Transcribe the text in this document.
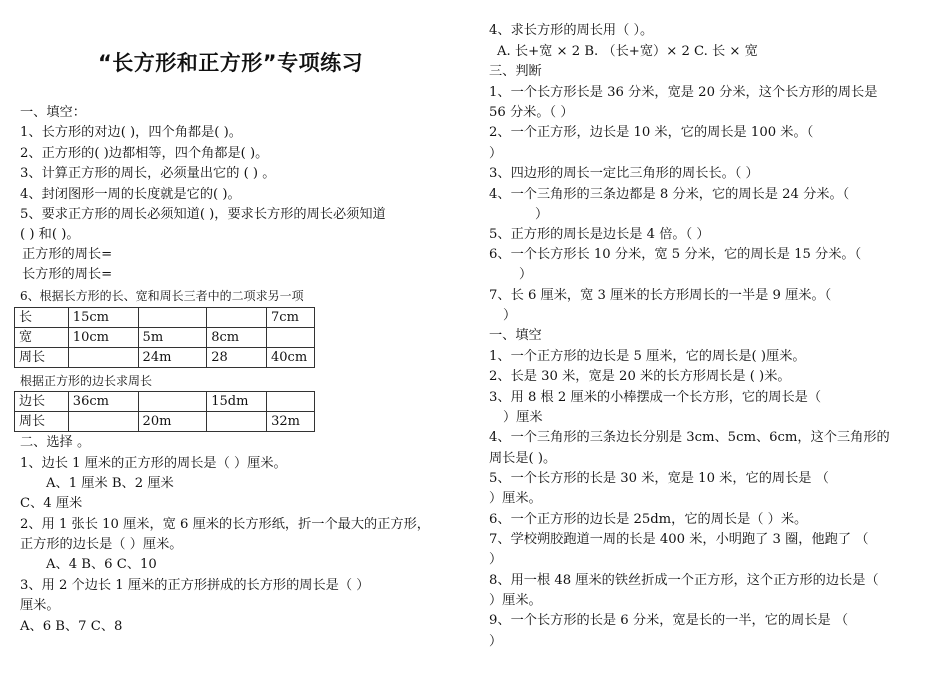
“长方形和正方形”专项练习
一、填空：
1、长方形的对边( )，四个角都是( )。
2、正方形的( )边都相等，四个角都是( )。
3、计算正方形的周长，必须量出它的 ( ) 。
4、封闭图形一周的长度就是它的( )。
5、要求正方形的周长必须知道( )，要求长方形的周长必须知道
( ) 和( )。
正方形的周长=
长方形的周长=
6、根据长方形的长、宽和周长三者中的二项求另一项
根据正方形的边长求周长
二、选择 。
1、边长 1 厘米的正方形的周长是（ ）厘米。
A、1 厘米 B、2 厘米
C、4 厘米
2、用 1 张长 10 厘米，宽 6 厘米的长方形纸，折一个最大的正方形，
正方形的边长是（ ）厘米。
A、4 B、6 C、10
3、用 2 个边长 1 厘米的正方形拼成的长方形的周长是（ ）
厘米。
A、6 B、7 C、8
4、求长方形的周长用（ ）。
A. 长+宽 × 2 B. （长+宽）× 2 C. 长 × 宽
三、判断
1、一个长方形长是 36 分米，宽是 20 分米，这个长方形的周长是
56 分米。（ ）
2、一个正方形，边长是 10 米，它的周长是 100 米。（
）
3、四边形的周长一定比三角形的周长长。（ ）
4、一个三角形的三条边都是 8 分米，它的周长是 24 分米。（
）
5、正方形的周长是边长是 4 倍。（ ）
6、一个长方形长 10 分米，宽 5 分米，它的周长是 15 分米。（
）
7、长 6 厘米，宽 3 厘米的长方形周长的一半是 9 厘米。（
）
一、填空
1、一个正方形的边长是 5 厘米，它的周长是( )厘米。
2、长是 30 米，宽是 20 米的长方形周长是 ( )米。
3、用 8 根 2 厘米的小棒摆成一个长方形，它的周长是（
）厘米
4、一个三角形的三条边长分别是 3cm、5cm、6cm，这个三角形的
周长是( )。
5、一个长方形的长是 30 米，宽是 10 米，它的周长是 （
）厘米。
6、一个正方形的边长是 25dm，它的周长是（ ）米。
7、学校朔胶跑道一周的长是 400 米，小明跑了 3 圈，他跑了 （
）
8、用一根 48 厘米的铁丝折成一个正方形，这个正方形的边长是（
）厘米。
9、一个长方形的长是 6 分米，宽是长的一半，它的周长是 （
）
长	15cm			7cm
宽	10cm	5m	8cm	
周长		24m	28	40cm
边长	36cm		15dm	
周长		20m		32m
